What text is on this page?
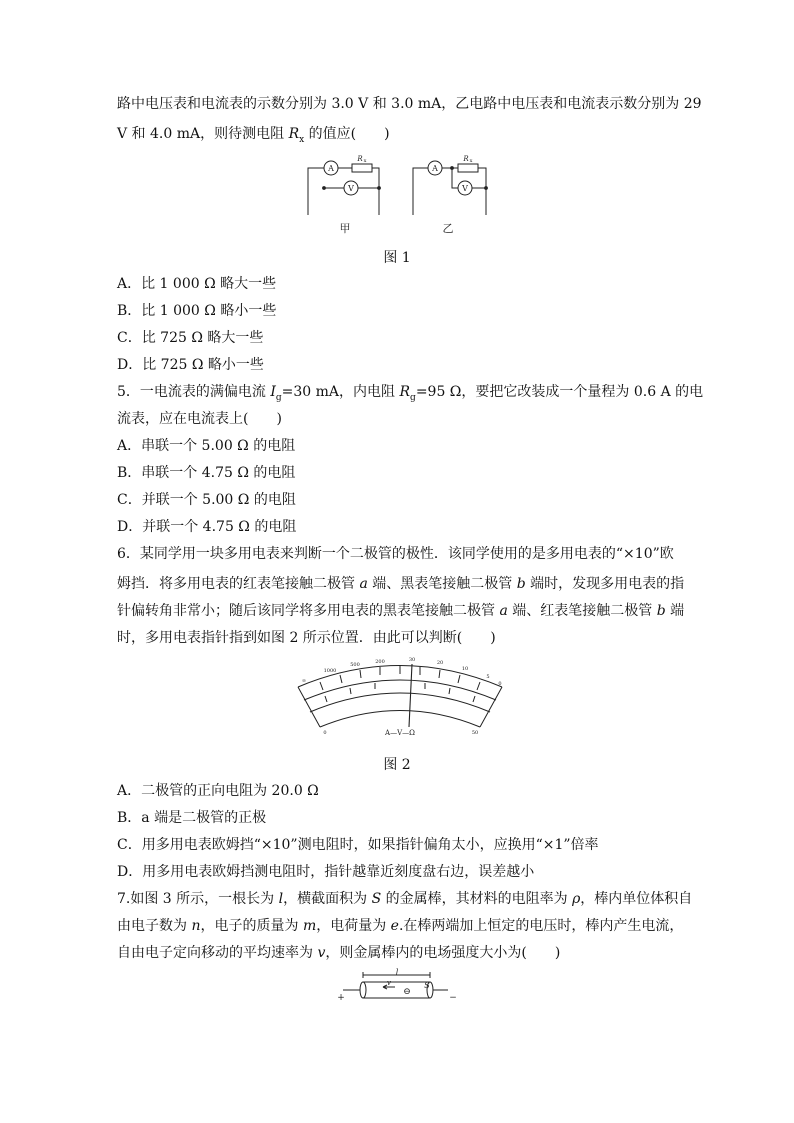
路中电压表和电流表的示数分别为 3.0 V 和 3.0 mA，乙电路中电压表和电流表示数分别为 29
V 和 4.0 mA，则待测电阻 $R_x$ 的值应(　　)
A
V
A
V
R x	R x
甲	乙
图 1
A．比 1 000 Ω 略大一些
B．比 1 000 Ω 略小一些
C．比 725 Ω 略大一些
D．比 725 Ω 略小一些
5．一电流表的满偏电流 $I_g=30$ mA，内电阻 $R_g=95$ Ω，要把它改装成一个量程为 0.6 A 的电
流表，应在电流表上(　　)
A．串联一个 5.00 Ω 的电阻
B．串联一个 4.75 Ω 的电阻
C．并联一个 5.00 Ω 的电阻
D．并联一个 4.75 Ω 的电阻
6．某同学用一块多用电表来判断一个二极管的极性．该同学使用的是多用电表的“×10”欧
姆挡．将多用电表的红表笔接触二极管 a 端、黑表笔接触二极管 b 端时，发现多用电表的指
针偏转角非常小；随后该同学将多用电表的黑表笔接触二极管 a 端、红表笔接触二极管 b 端
时，多用电表指针指到如图 2 所示位置．由此可以判断(　　)
∞
1000
500	200	30	20
10
5
0
0	50
A—V—Ω
图 2
A．二极管的正向电阻为 20.0 Ω
B．a 端是二极管的正极
C．用多用电表欧姆挡“×10”测电阻时，如果指针偏角太小，应换用“×1”倍率
D．用多用电表欧姆挡测电阻时，指针越靠近刻度盘右边，误差越小
7.如图 3 所示，一根长为 l，横截面积为 S 的金属棒，其材料的电阻率为 ρ，棒内单位体积自
由电子数为 n，电子的质量为 m，电荷量为 e.在棒两端加上恒定的电压时，棒内产生电流，
自由电子定向移动的平均速率为 v，则金属棒内的电场强度大小为(　　)
l
v
⊖
S
+	−
